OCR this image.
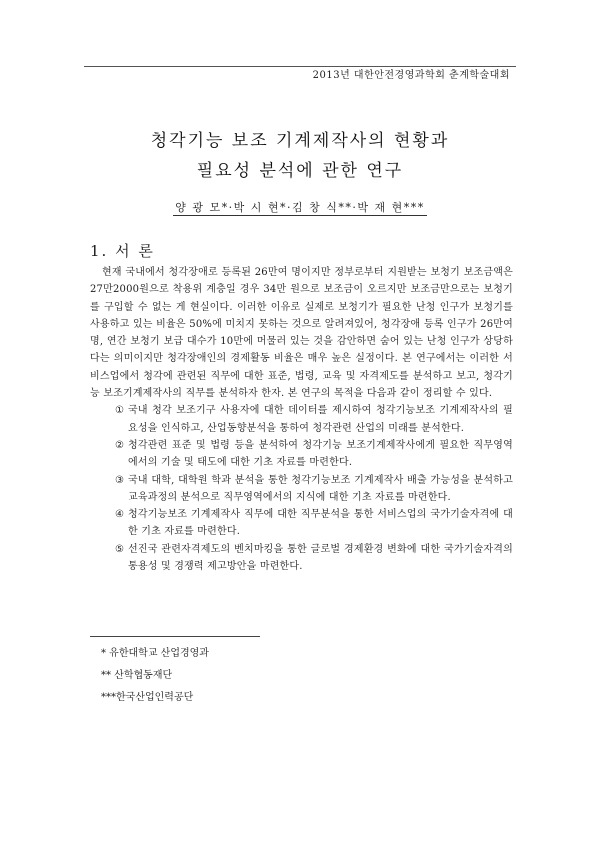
2013년 대한안전경영과학회 춘계학술대회
청각기능 보조 기계제작사의 현황과
필요성 분석에 관한 연구
양 광 모*·박 시 현*·김 창 식**·박 재 현***
1. 서 론

현재 국내에서 청각장애로 등록된 26만여 명이지만 정부로부터 지원받는 보청기 보조금액은 27만2000원으로 착용위 계층일 경우 34만 원으로 보조금이 오르지만 보조금만으로는 보청기를 구입할 수 없는 게 현실이다. 이러한 이유로 실제로 보청기가 필요한 난청 인구가 보청기를 사용하고 있는 비율은 50%에 미치지 못하는 것으로 알려져있어, 청각장애 등록 인구가 26만여 명, 연간 보청기 보급 대수가 10만에 머물러 있는 것을 감안하면 숨어 있는 난청 인구가 상당하다는 의미이지만 청각장애인의 경제활동 비율은 매우 높은 실정이다. 본 연구에서는 이러한 서비스업에서 청각에 관련된 직무에 대한 표준, 법령, 교육 및 자격제도를 분석하고 보고, 청각기능 보조기계제작사의 직무를 분석하자 한자. 본 연구의 목적을 다음과 같이 정리할 수 있다.

① 국내 청각 보조기구 사용자에 대한 데이터를 제시하여 청각기능보조 기계제작사의 필요성을 인식하고, 산업동향분석을 통하여 청각관련 산업의 미래를 분석한다.
② 청각관련 표준 및 법령 등을 분석하여 청각기능 보조기계제작사에게 필요한 직무영역에서의 기술 및 태도에 대한 기초 자료를 마련한다.
③ 국내 대학, 대학원 학과 분석을 통한 청각기능보조 기계제작사 배출 가능성을 분석하고 교육과정의 분석으로 직무영역에서의 지식에 대한 기초 자료를 마련한다.
④ 청각기능보조 기계제작사 직무에 대한 직무분석을 통한 서비스업의 국가기술자격에 대한 기초 자료를 마련한다.
⑤ 선진국 관련자격제도의 벤치마킹을 통한 글로벌 경제환경 변화에 대한 국가기술자격의 통용성 및 경쟁력 제고방안을 마련한다.
* 유한대학교 산업경영과
** 산학협동재단
***한국산업인력공단
